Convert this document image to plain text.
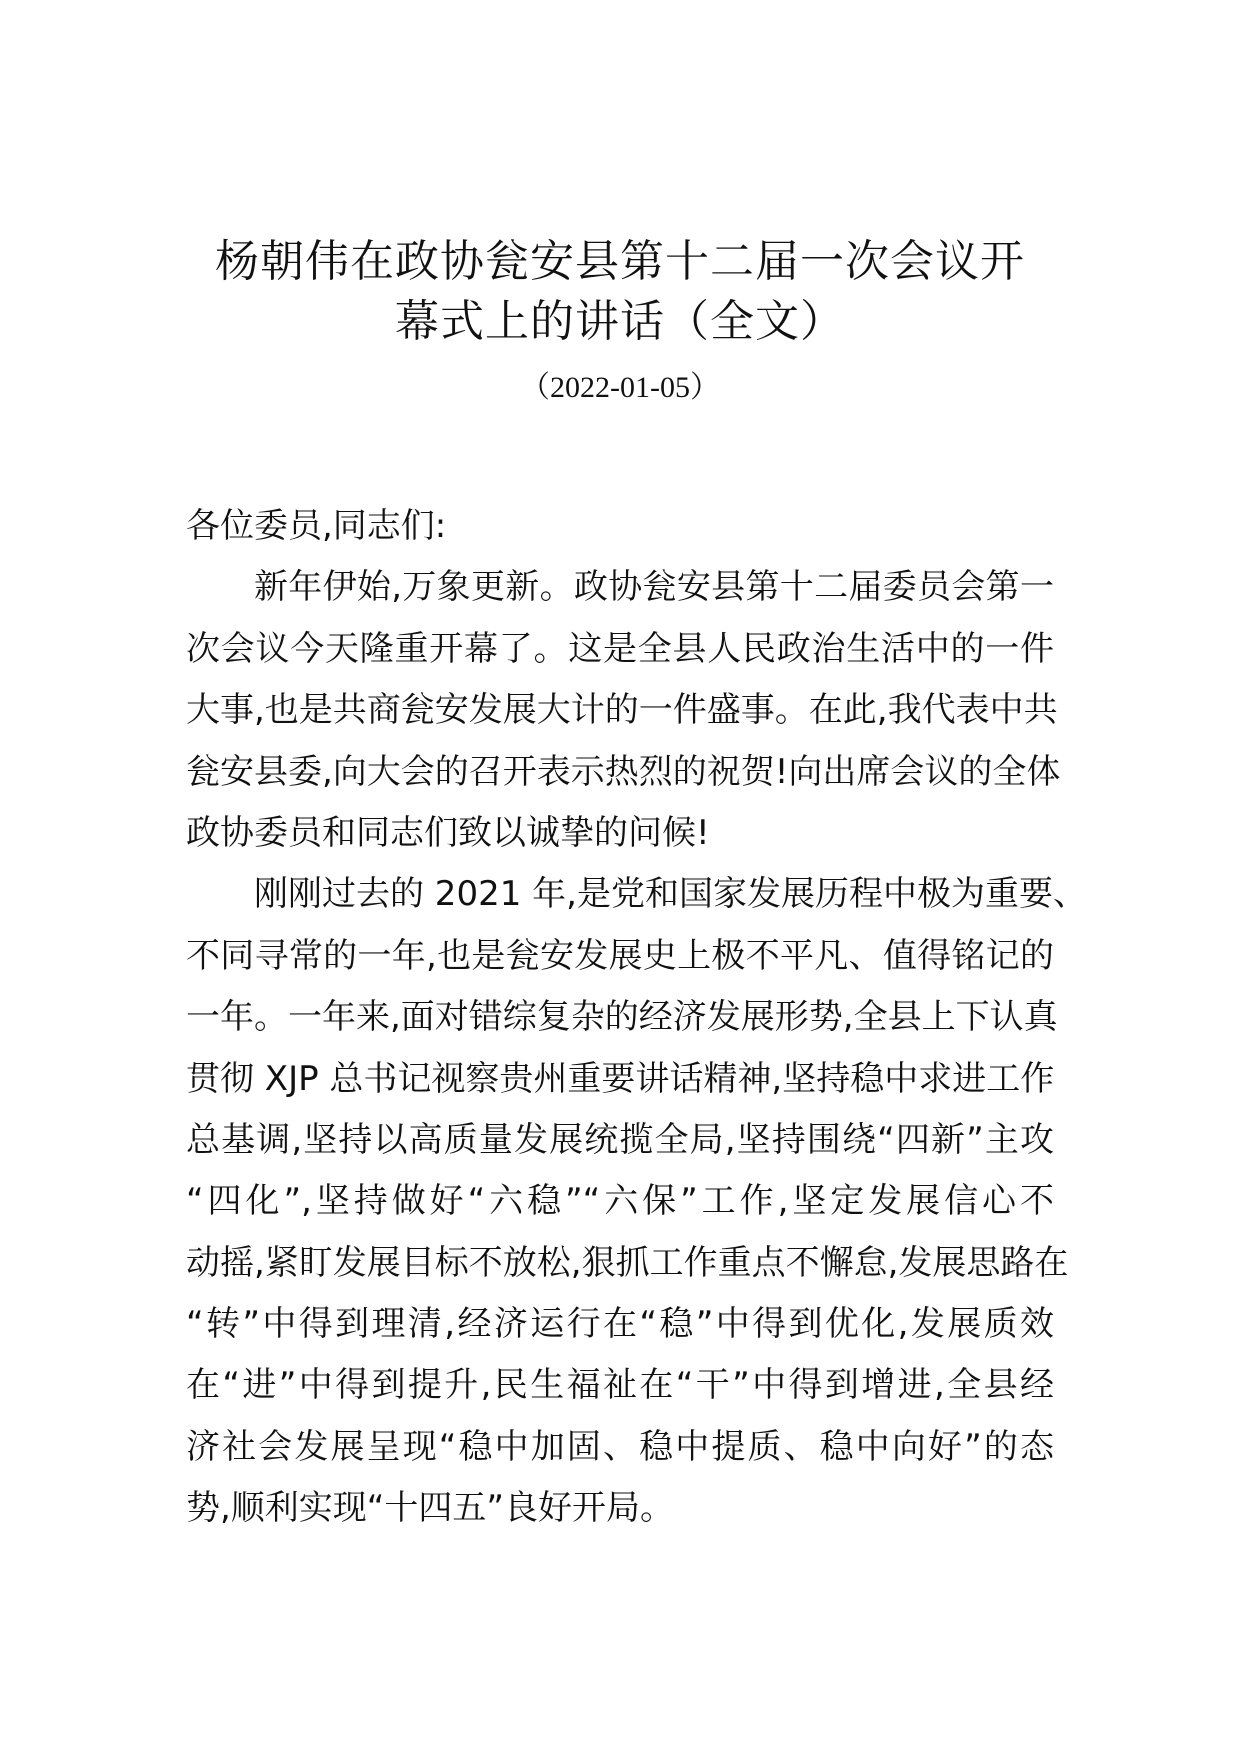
杨朝伟在政协瓮安县第十二届一次会议开
幕式上的讲话（全文）
（2022-01-05）
各位委员,同志们:
新年伊始,万象更新。政协瓮安县第十二届委员会第一
次会议今天隆重开幕了。这是全县人民政治生活中的一件
大事,也是共商瓮安发展大计的一件盛事。在此,我代表中共
瓮安县委,向大会的召开表示热烈的祝贺!向出席会议的全体
政协委员和同志们致以诚挚的问候!
刚刚过去的 2021 年,是党和国家发展历程中极为重要、
不同寻常的一年,也是瓮安发展史上极不平凡、值得铭记的
一年。一年来,面对错综复杂的经济发展形势,全县上下认真
贯彻 XJP 总书记视察贵州重要讲话精神,坚持稳中求进工作
总基调,坚持以高质量发展统揽全局,坚持围绕“四新”主攻
“四化”,坚持做好“六稳”“六保”工作,坚定发展信心不
动摇,紧盯发展目标不放松,狠抓工作重点不懈怠,发展思路在
“转”中得到理清,经济运行在“稳”中得到优化,发展质效
在“进”中得到提升,民生福祉在“干”中得到增进,全县经
济社会发展呈现“稳中加固、稳中提质、稳中向好”的态
势,顺利实现“十四五”良好开局。
